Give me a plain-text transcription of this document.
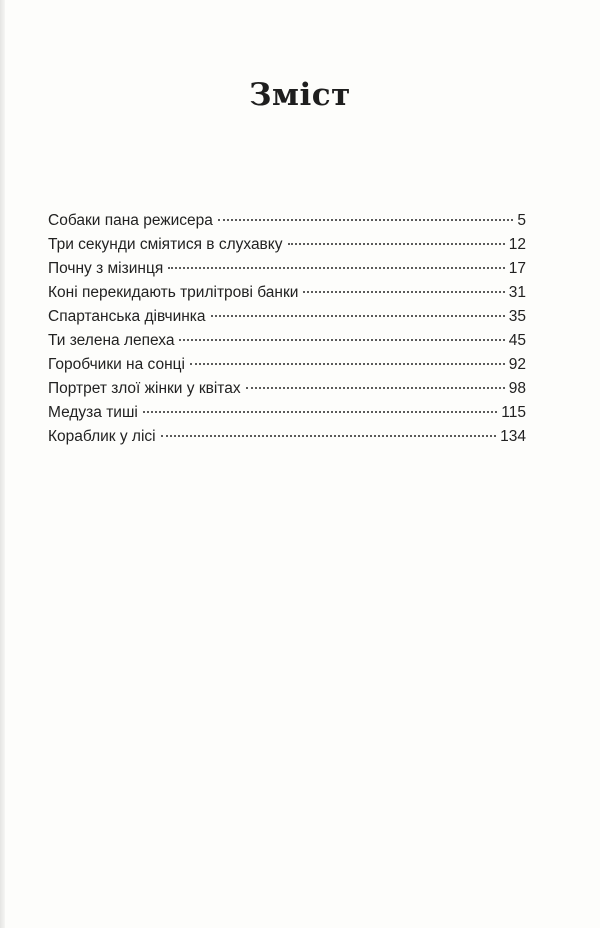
Зміст
Собаки пана режисера	5
Три секунди сміятися в слухавку	12
Почну з мізинця	17
Коні перекидають трилітрові банки	31
Спартанська дівчинка	35
Ти зелена лепеха	45
Горобчики на сонці	92
Портрет злої жінки у квітах	98
Медуза тиші	115
Кораблик у лісі	134
